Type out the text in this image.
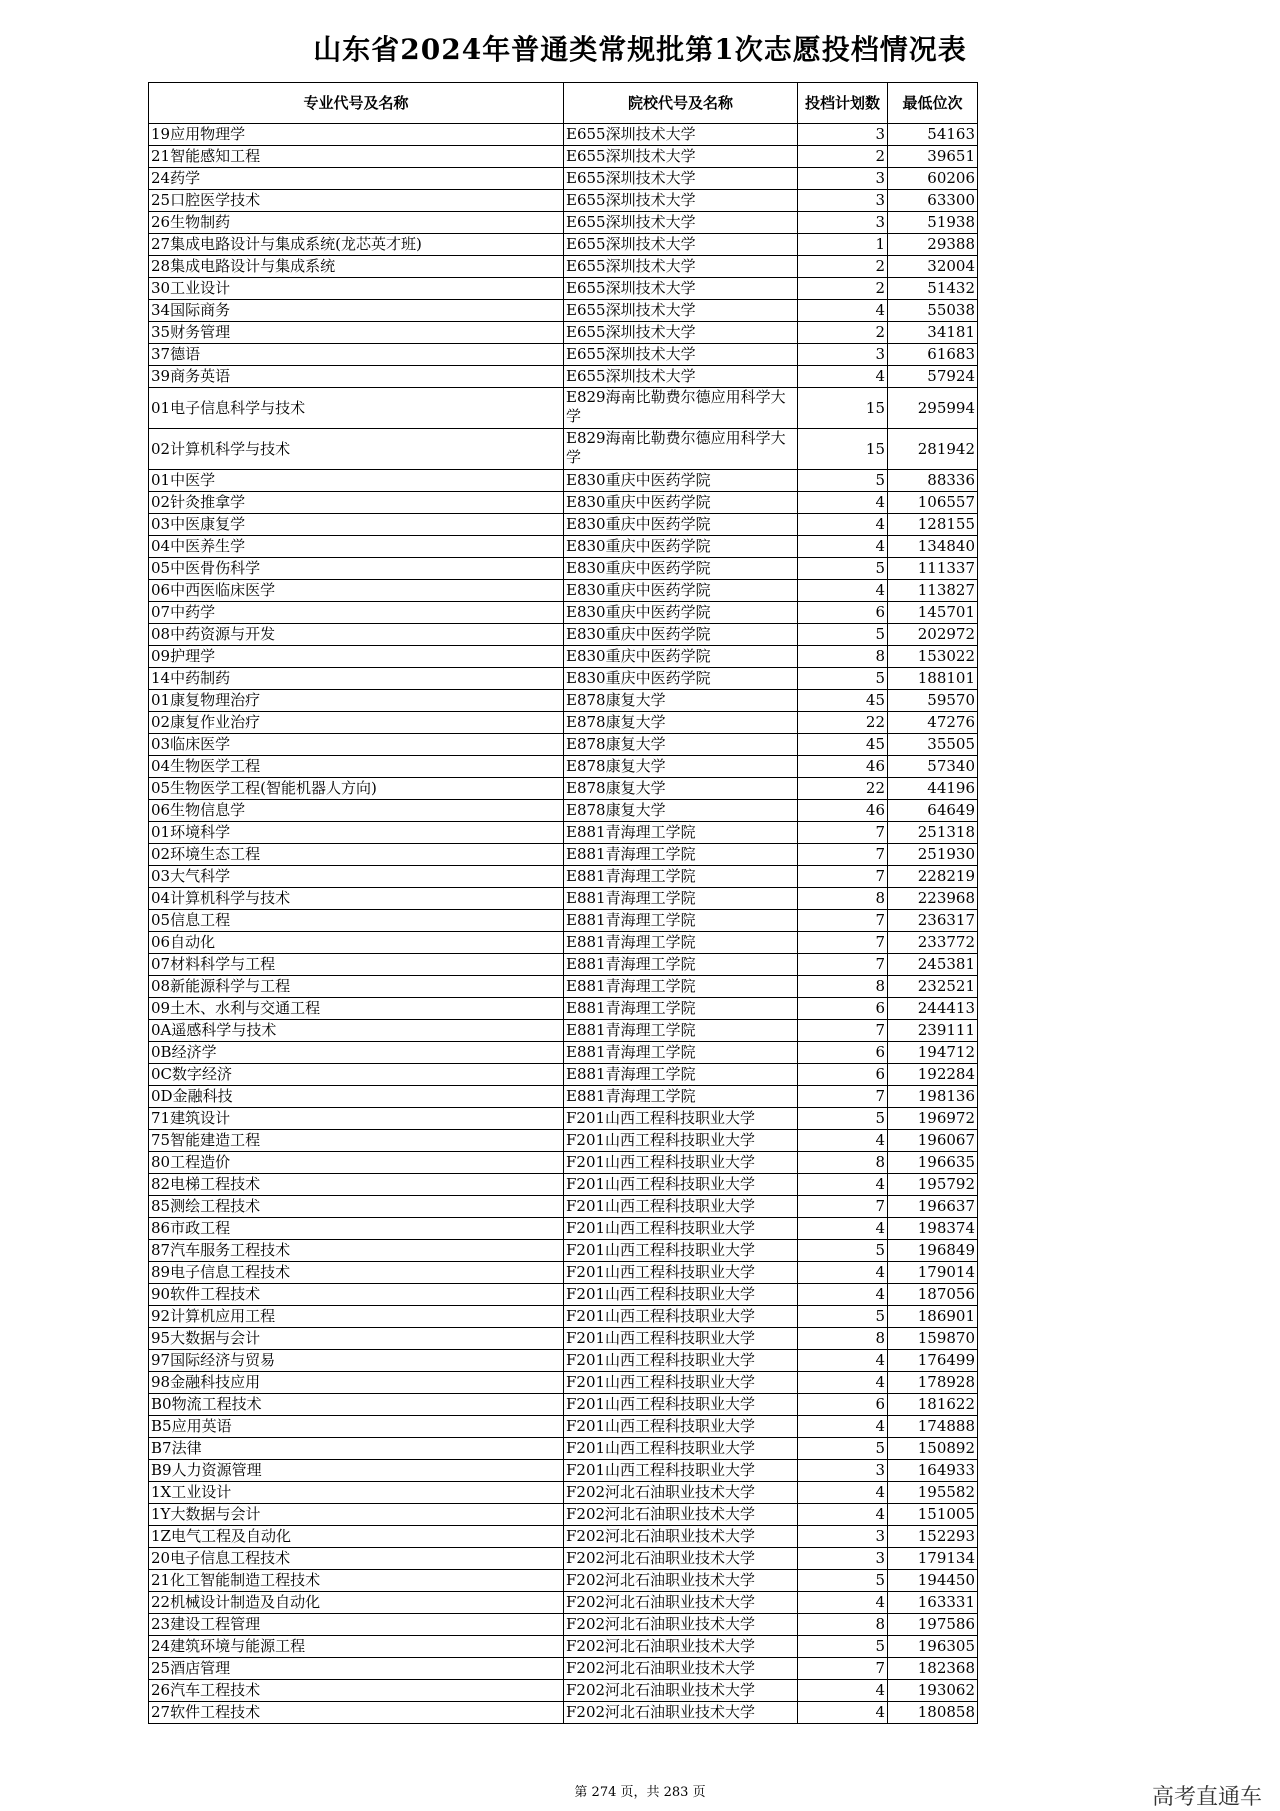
山东省2024年普通类常规批第1次志愿投档情况表
专业代号及名称	院校代号及名称	投档计划数	最低位次
19应用物理学	E655深圳技术大学	3	54163
21智能感知工程	E655深圳技术大学	2	39651
24药学	E655深圳技术大学	3	60206
25口腔医学技术	E655深圳技术大学	3	63300
26生物制药	E655深圳技术大学	3	51938
27集成电路设计与集成系统(龙芯英才班)	E655深圳技术大学	1	29388
28集成电路设计与集成系统	E655深圳技术大学	2	32004
30工业设计	E655深圳技术大学	2	51432
34国际商务	E655深圳技术大学	4	55038
35财务管理	E655深圳技术大学	2	34181
37德语	E655深圳技术大学	3	61683
39商务英语	E655深圳技术大学	4	57924
01电子信息科学与技术	E829海南比勒费尔德应用科学大学	15	295994
02计算机科学与技术	E829海南比勒费尔德应用科学大学	15	281942
01中医学	E830重庆中医药学院	5	88336
02针灸推拿学	E830重庆中医药学院	4	106557
03中医康复学	E830重庆中医药学院	4	128155
04中医养生学	E830重庆中医药学院	4	134840
05中医骨伤科学	E830重庆中医药学院	5	111337
06中西医临床医学	E830重庆中医药学院	4	113827
07中药学	E830重庆中医药学院	6	145701
08中药资源与开发	E830重庆中医药学院	5	202972
09护理学	E830重庆中医药学院	8	153022
14中药制药	E830重庆中医药学院	5	188101
01康复物理治疗	E878康复大学	45	59570
02康复作业治疗	E878康复大学	22	47276
03临床医学	E878康复大学	45	35505
04生物医学工程	E878康复大学	46	57340
05生物医学工程(智能机器人方向)	E878康复大学	22	44196
06生物信息学	E878康复大学	46	64649
01环境科学	E881青海理工学院	7	251318
02环境生态工程	E881青海理工学院	7	251930
03大气科学	E881青海理工学院	7	228219
04计算机科学与技术	E881青海理工学院	8	223968
05信息工程	E881青海理工学院	7	236317
06自动化	E881青海理工学院	7	233772
07材料科学与工程	E881青海理工学院	7	245381
08新能源科学与工程	E881青海理工学院	8	232521
09土木、水利与交通工程	E881青海理工学院	6	244413
0A遥感科学与技术	E881青海理工学院	7	239111
0B经济学	E881青海理工学院	6	194712
0C数字经济	E881青海理工学院	6	192284
0D金融科技	E881青海理工学院	7	198136
71建筑设计	F201山西工程科技职业大学	5	196972
75智能建造工程	F201山西工程科技职业大学	4	196067
80工程造价	F201山西工程科技职业大学	8	196635
82电梯工程技术	F201山西工程科技职业大学	4	195792
85测绘工程技术	F201山西工程科技职业大学	7	196637
86市政工程	F201山西工程科技职业大学	4	198374
87汽车服务工程技术	F201山西工程科技职业大学	5	196849
89电子信息工程技术	F201山西工程科技职业大学	4	179014
90软件工程技术	F201山西工程科技职业大学	4	187056
92计算机应用工程	F201山西工程科技职业大学	5	186901
95大数据与会计	F201山西工程科技职业大学	8	159870
97国际经济与贸易	F201山西工程科技职业大学	4	176499
98金融科技应用	F201山西工程科技职业大学	4	178928
B0物流工程技术	F201山西工程科技职业大学	6	181622
B5应用英语	F201山西工程科技职业大学	4	174888
B7法律	F201山西工程科技职业大学	5	150892
B9人力资源管理	F201山西工程科技职业大学	3	164933
1X工业设计	F202河北石油职业技术大学	4	195582
1Y大数据与会计	F202河北石油职业技术大学	4	151005
1Z电气工程及自动化	F202河北石油职业技术大学	3	152293
20电子信息工程技术	F202河北石油职业技术大学	3	179134
21化工智能制造工程技术	F202河北石油职业技术大学	5	194450
22机械设计制造及自动化	F202河北石油职业技术大学	4	163331
23建设工程管理	F202河北石油职业技术大学	8	197586
24建筑环境与能源工程	F202河北石油职业技术大学	5	196305
25酒店管理	F202河北石油职业技术大学	7	182368
26汽车工程技术	F202河北石油职业技术大学	4	193062
27软件工程技术	F202河北石油职业技术大学	4	180858
第 274 页，共 283 页	高考直通车
